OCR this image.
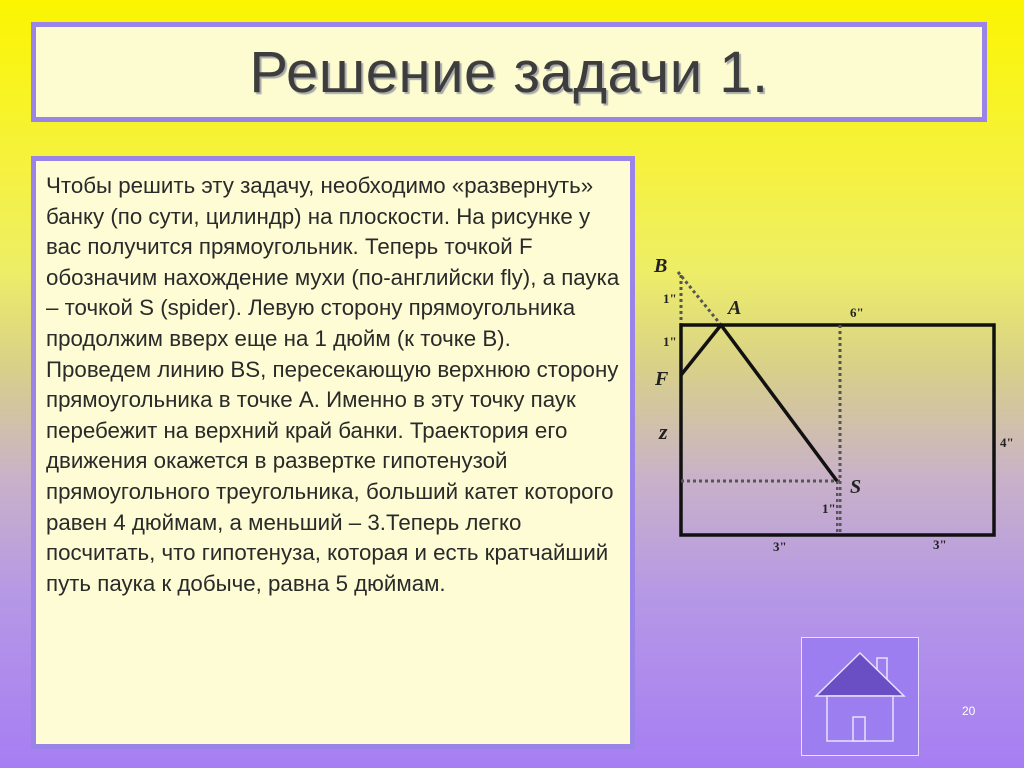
Решение задачи 1.

Чтобы решить эту задачу, необходимо «развернуть» банку (по сути, цилиндр) на плоскости. На рисунке у вас получится прямоугольник. Теперь точкой F обозначим нахождение мухи (по-английски fly), а паука – точкой S (spider). Левую сторону прямоугольника продолжим вверх еще на 1 дюйм (к точке B). Проведем линию BS, пересекающую верхнюю сторону прямоугольника в точке A. Именно в эту точку паук перебежит на верхний край банки. Траектория его движения окажется в развертке гипотенузой прямоугольного треугольника, больший катет которого равен 4 дюймам, а меньший – 3.Теперь легко посчитать, что гипотенуза, которая и есть кратчайший путь паука к добыче, равна 5 дюймам.

B
A
F
z
S
1"
1"
1"
6"
4"
3"	3"
20
